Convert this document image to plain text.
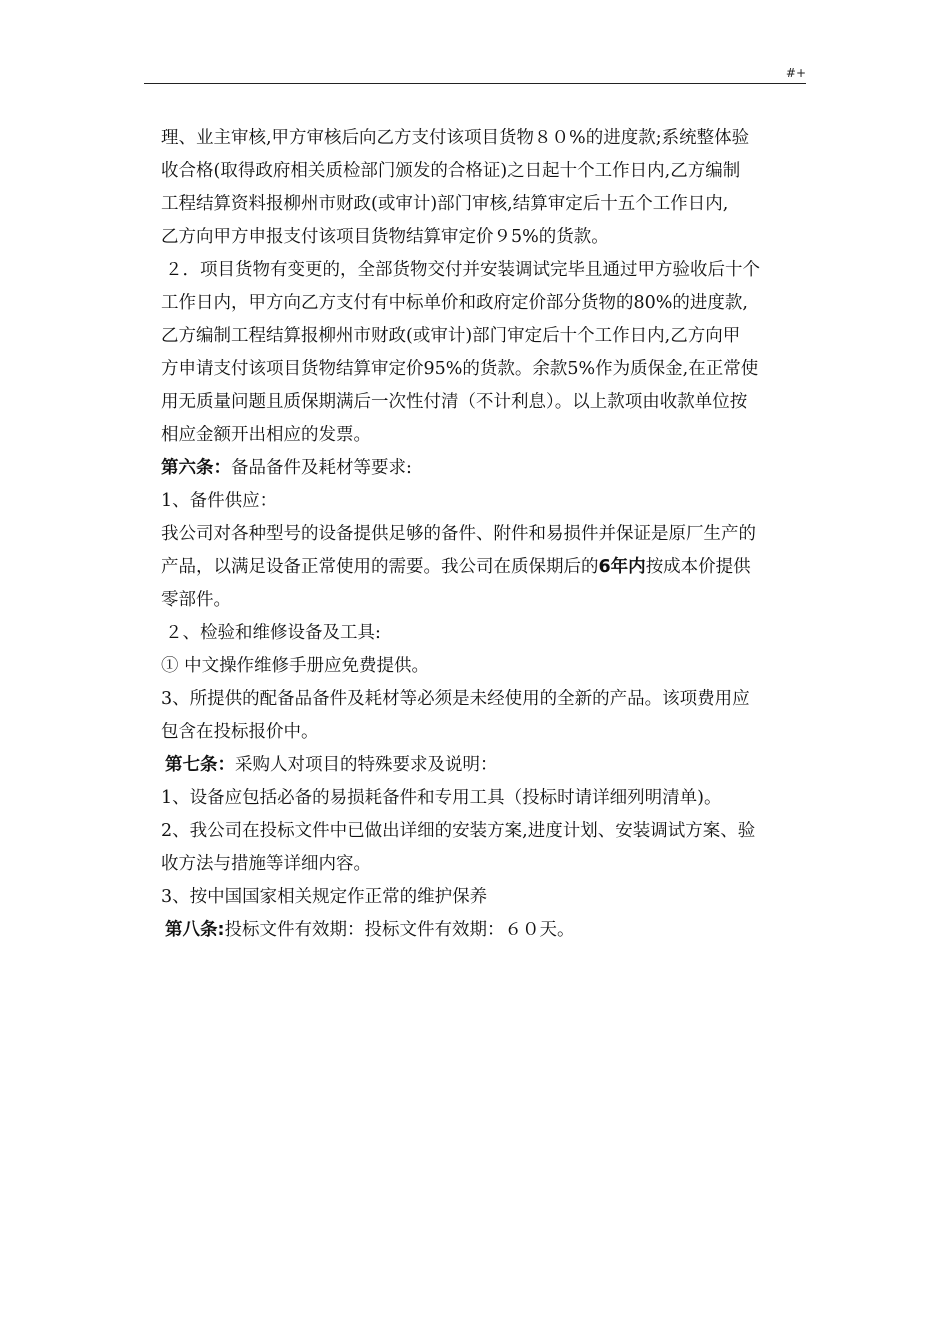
#+
理、业主审核,甲方审核后向乙方支付该项目货物８０%的进度款;系统整体验
收合格(取得政府相关质检部门颁发的合格证)之日起十个工作日内,乙方编制
工程结算资料报柳州市财政(或审计)部门审核,结算审定后十五个工作日内,
乙方向甲方申报支付该项目货物结算审定价９5%的货款。
２．项目货物有变更的，全部货物交付并安装调试完毕且通过甲方验收后十个
工作日内，甲方向乙方支付有中标单价和政府定价部分货物的80%的进度款,
乙方编制工程结算报柳州市财政(或审计)部门审定后十个工作日内,乙方向甲
方申请支付该项目货物结算审定价95%的货款。余款5%作为质保金,在正常使
用无质量问题且质保期满后一次性付清（不计利息）。以上款项由收款单位按
相应金额开出相应的发票。
第六条：备品备件及耗材等要求:
1、备件供应：
我公司对各种型号的设备提供足够的备件、附件和易损件并保证是原厂生产的
产品，以满足设备正常使用的需要。我公司在质保期后的6年内按成本价提供
零部件。
２、检验和维修设备及工具:
① 中文操作维修手册应免费提供。
3、所提供的配备品备件及耗材等必须是未经使用的全新的产品。该项费用应
包含在投标报价中。
第七条：采购人对项目的特殊要求及说明：
1、设备应包括必备的易损耗备件和专用工具（投标时请详细列明清单)。
2、我公司在投标文件中已做出详细的安装方案,进度计划、安装调试方案、验
收方法与措施等详细内容。
3、按中国国家相关规定作正常的维护保养
第八条:投标文件有效期：投标文件有效期：６０天。
